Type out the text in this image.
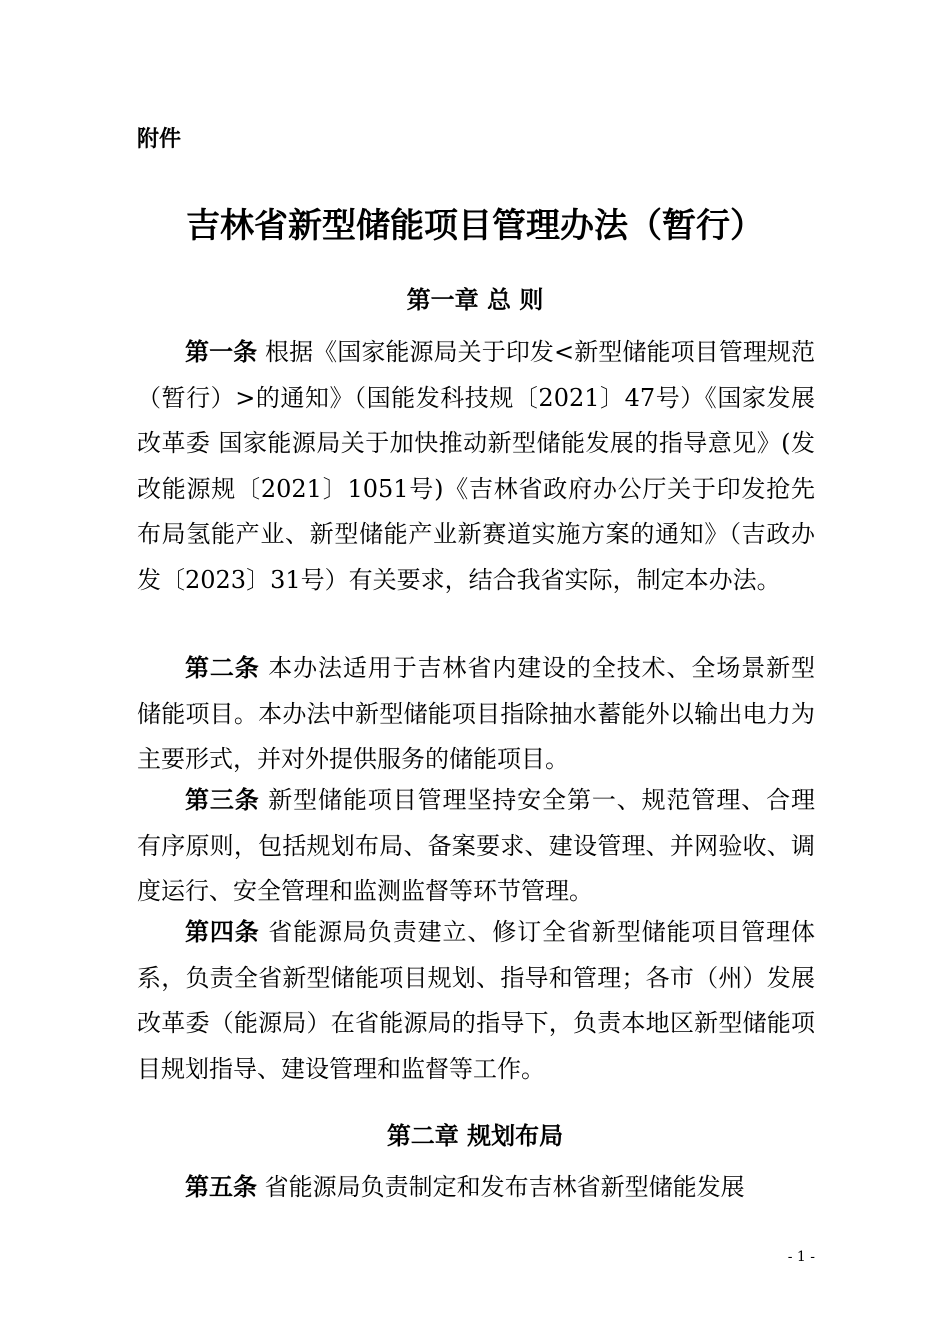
附件

吉林省新型储能项目管理办法（暂行）
第一章 总 则

第一条 根据《国家能源局关于印发<新型储能项目管理规范（暂行）>的通知》（国能发科技规〔2021〕47号）《国家发展改革委 国家能源局关于加快推动新型储能发展的指导意见》(发改能源规〔2021〕1051号)《吉林省政府办公厅关于印发抢先布局氢能产业、新型储能产业新赛道实施方案的通知》（吉政办发〔2023〕31号）有关要求，结合我省实际，制定本办法。

第二条 本办法适用于吉林省内建设的全技术、全场景新型储能项目。本办法中新型储能项目指除抽水蓄能外以输出电力为主要形式，并对外提供服务的储能项目。

第三条 新型储能项目管理坚持安全第一、规范管理、合理有序原则，包括规划布局、备案要求、建设管理、并网验收、调度运行、安全管理和监测监督等环节管理。

第四条 省能源局负责建立、修订全省新型储能项目管理体系，负责全省新型储能项目规划、指导和管理；各市（州）发展改革委（能源局）在省能源局的指导下，负责本地区新型储能项目规划指导、建设管理和监督等工作。

第二章 规划布局

第五条 省能源局负责制定和发布吉林省新型储能发展

- 1 -
